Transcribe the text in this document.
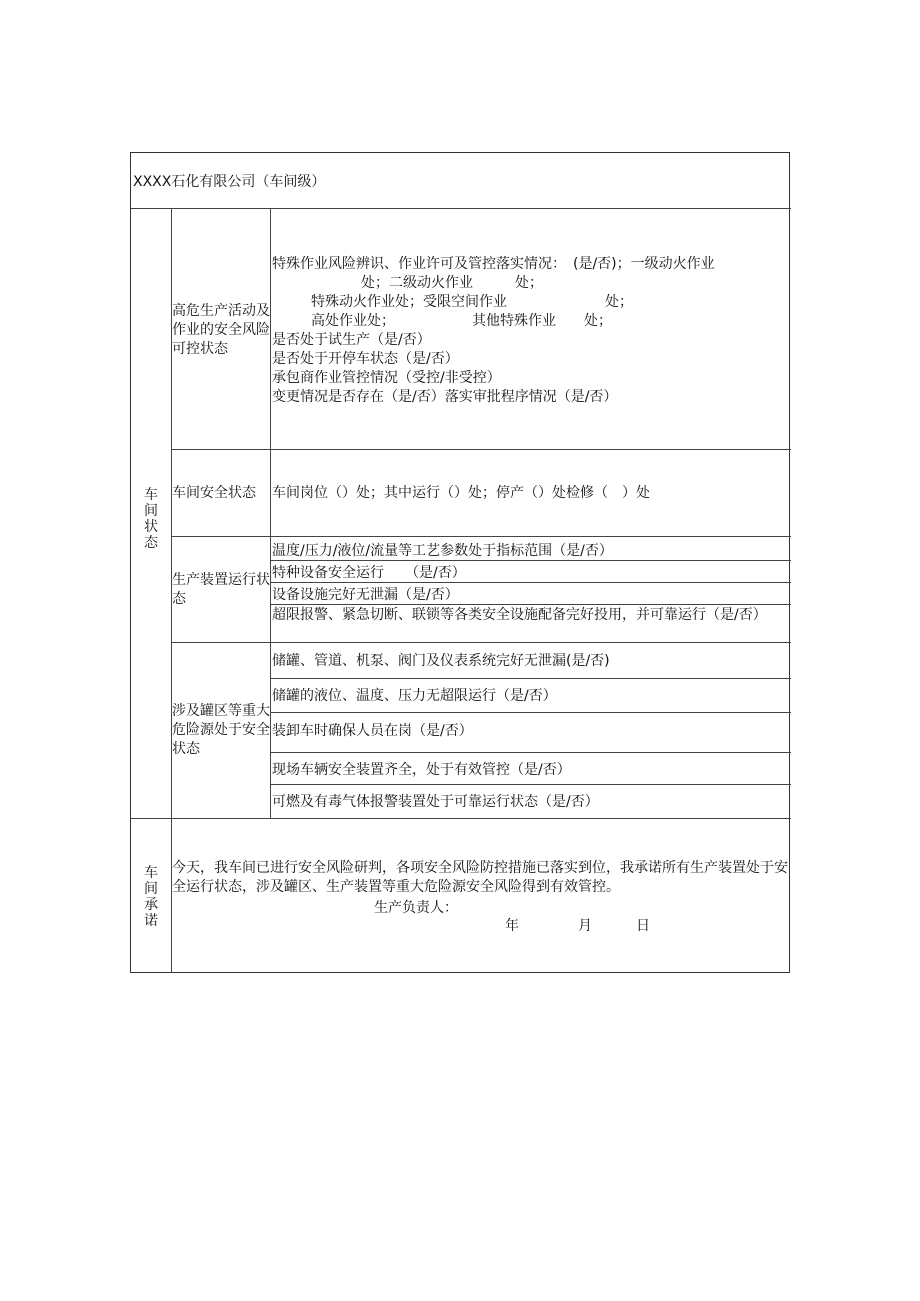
XXXX石化有限公司（车间级）
车间状态
车间承诺
高危生产活动及作业的安全风险可控状态
特殊作业风险辨识、作业许可及管控落实情况：　(是/否)；一级动火作业
处；二级动火作业　　　处；
特殊动火作业处；受限空间作业　　　　　　　处；
高处作业处；　　　　　　其他特殊作业　　处；
是否处于试生产（是/否）
是否处于开停车状态（是/否）
承包商作业管控情况（受控/非受控）
变更情况是否存在（是/否）落实审批程序情况（是/否）
车间安全状态 车间岗位（）处；其中运行（）处；停产（）处检修（　）处
生产装置运行状态
温度/压力/液位/流量等工艺参数处于指标范围（是/否）
特种设备安全运行　　（是/否）
设备设施完好无泄漏（是/否）
超限报警、紧急切断、联锁等各类安全设施配备完好投用，并可靠运行（是/否）
涉及罐区等重大危险源处于安全状态
储罐、管道、机泵、阀门及仪表系统完好无泄漏(是/否)
储罐的液位、温度、压力无超限运行（是/否）
装卸车时确保人员在岗（是/否）
现场车辆安全装置齐全，处于有效管控（是/否）
可燃及有毒气体报警装置处于可靠运行状态（是/否）
今天，我车间已进行安全风险研判，各项安全风险防控措施已落实到位，我承诺所有生产装置处于安全运行状态，涉及罐区、生产装置等重大危险源安全风险得到有效管控。
生产负责人：
年	月	日
